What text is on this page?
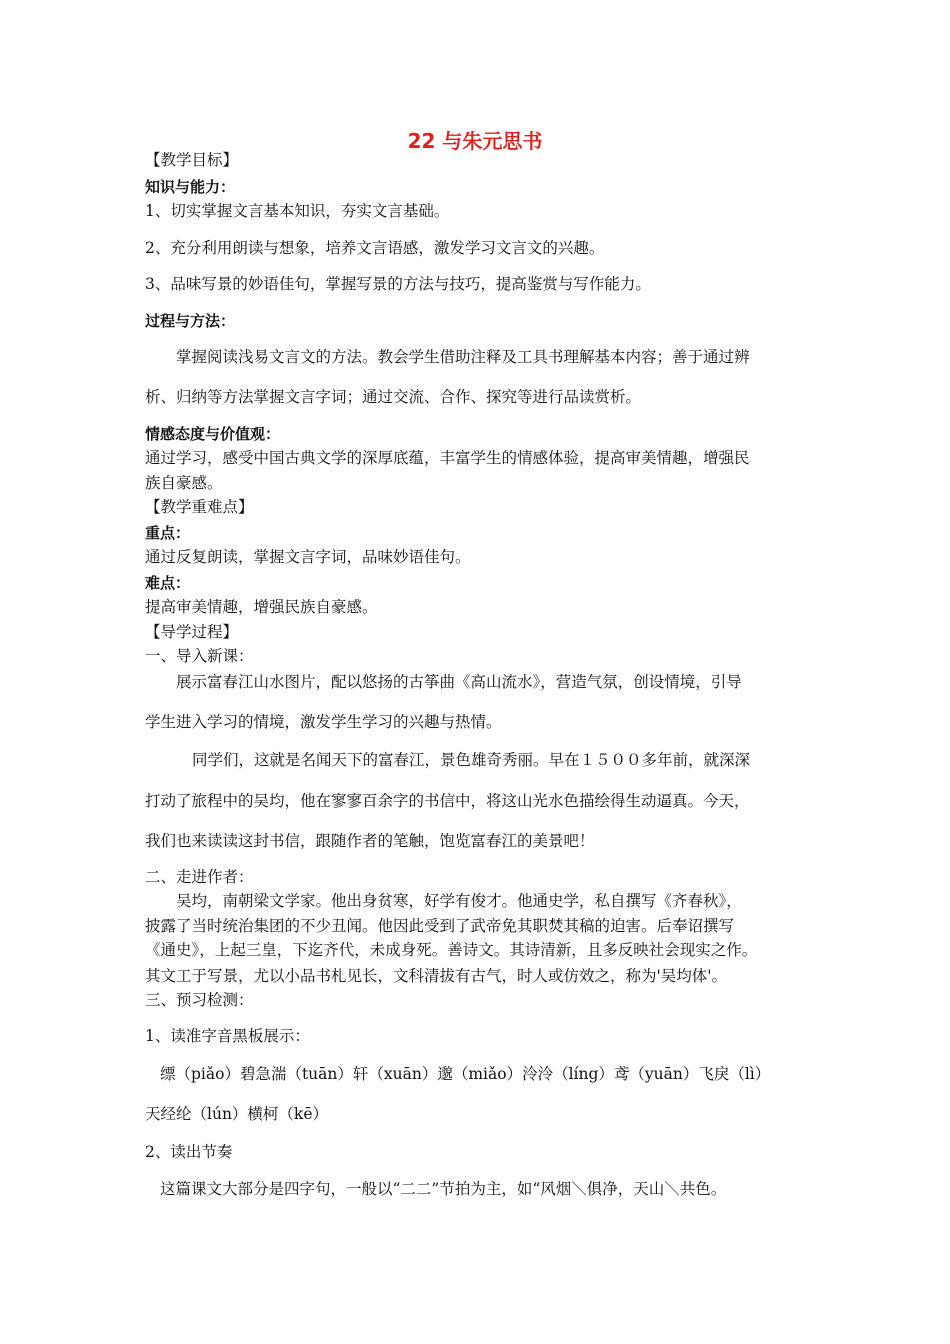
22 与朱元思书
【教学目标】
知识与能力：
1、切实掌握文言基本知识，夯实文言基础。
2、充分利用朗读与想象，培养文言语感，激发学习文言文的兴趣。
3、品味写景的妙语佳句，掌握写景的方法与技巧，提高鉴赏与写作能力。
过程与方法：
掌握阅读浅易文言文的方法。教会学生借助注释及工具书理解基本内容；善于通过辨
析、归纳等方法掌握文言字词；通过交流、合作、探究等进行品读赏析。
情感态度与价值观：
通过学习，感受中国古典文学的深厚底蕴，丰富学生的情感体验，提高审美情趣，增强民
族自豪感。
【教学重难点】
重点：
通过反复朗读，掌握文言字词，品味妙语佳句。
难点：
提高审美情趣，增强民族自豪感。
【导学过程】
一、导入新课：
展示富春江山水图片，配以悠扬的古筝曲《高山流水》，营造气氛，创设情境，引导
学生进入学习的情境，激发学生学习的兴趣与热情。
同学们，这就是名闻天下的富春江，景色雄奇秀丽。早在１５００多年前，就深深
打动了旅程中的吴均，他在寥寥百余字的书信中，将这山光水色描绘得生动逼真。今天，
我们也来读读这封书信，跟随作者的笔触，饱览富春江的美景吧！
二、走进作者：
吴均，南朝梁文学家。他出身贫寒，好学有俊才。他通史学，私自撰写《齐春秋》，
披露了当时统治集团的不少丑闻。他因此受到了武帝免其职焚其稿的迫害。后奉诏撰写
《通史》，上起三皇，下迄齐代，未成身死。善诗文。其诗清新，且多反映社会现实之作。
其文工于写景，尤以小品书札见长，文科清拔有古气，时人或仿效之，称为'吴均体'。
三、预习检测：
1、读准字音黑板展示：
缥（piǎo）碧急湍（tuān）轩（xuān）邈（miǎo）泠泠（líng）鸢（yuān）飞戾（lì）
天经纶（lún）横柯（kē）
2、读出节奏
这篇课文大部分是四字句，一般以“二二”节拍为主，如“风烟＼俱净，天山＼共色。
